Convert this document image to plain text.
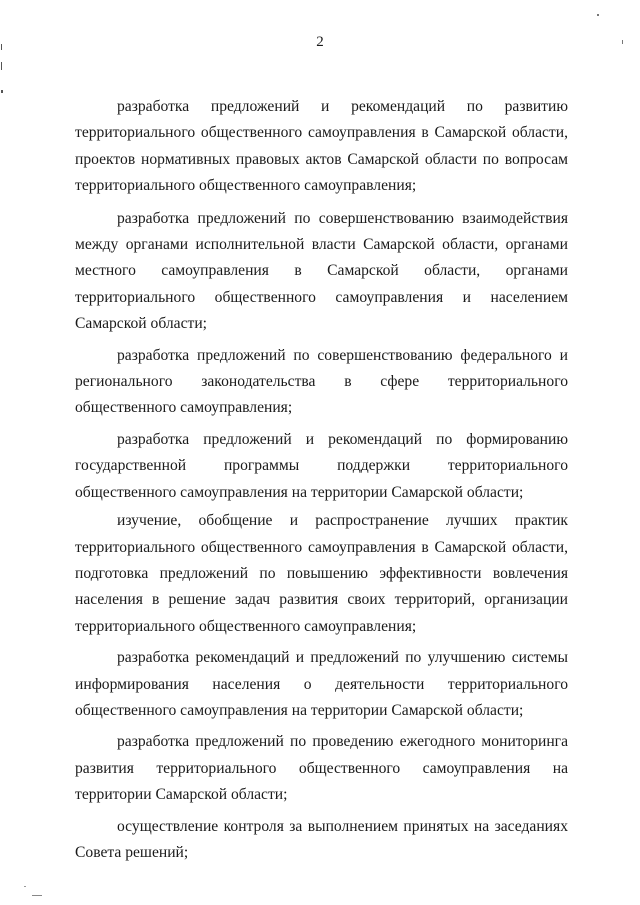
2

разработка предложений и рекомендаций по развитию территориального общественного самоуправления в Самарской области, проектов нормативных правовых актов Самарской области по вопросам территориального общественного самоуправления;

разработка предложений по совершенствованию взаимодействия между органами исполнительной власти Самарской области, органами местного самоуправления в Самарской области, органами территориального общественного самоуправления и населением Самарской области;

разработка предложений по совершенствованию федерального и регионального законодательства в сфере территориального общественного самоуправления;

разработка предложений и рекомендаций по формированию государственной программы поддержки территориального общественного самоуправления на территории Самарской области;

изучение, обобщение и распространение лучших практик территориального общественного самоуправления в Самарской области, подготовка предложений по повышению эффективности вовлечения населения в решение задач развития своих территорий, организации территориального общественного самоуправления;

разработка рекомендаций и предложений по улучшению системы информирования населения о деятельности территориального общественного самоуправления на территории Самарской области;

разработка предложений по проведению ежегодного мониторинга развития территориального общественного самоуправления на территории Самарской области;

осуществление контроля за выполнением принятых на заседаниях Совета решений;
